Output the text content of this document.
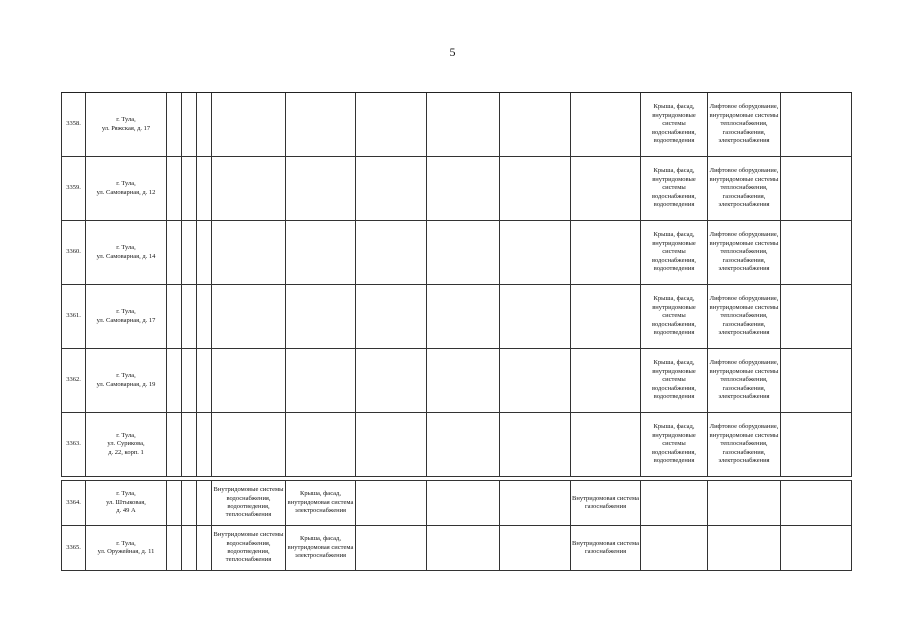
5
3358.	г. Тула,
ул. Ряжская, д. 17										Крыша, фасад, внутридомовые системы водоснабжения, водоотведения	Лифтовое оборудование, внутридомовые системы теплоснабжения, газоснабжения, электроснабжения	
3359.	г. Тула,
ул. Самоварная, д. 12										Крыша, фасад, внутридомовые системы водоснабжения, водоотведения	Лифтовое оборудование, внутридомовые системы теплоснабжения, газоснабжения, электроснабжения	
3360.	г. Тула,
ул. Самоварная, д. 14										Крыша, фасад, внутридомовые системы водоснабжения, водоотведения	Лифтовое оборудование, внутридомовые системы теплоснабжения, газоснабжения, электроснабжения	
3361.	г. Тула,
ул. Самоварная, д. 17										Крыша, фасад, внутридомовые системы водоснабжения, водоотведения	Лифтовое оборудование, внутридомовые системы теплоснабжения, газоснабжения, электроснабжения	
3362.	г. Тула,
ул. Самоварная, д. 19										Крыша, фасад, внутридомовые системы водоснабжения, водоотведения	Лифтовое оборудование, внутридомовые системы теплоснабжения, газоснабжения, электроснабжения	
3363.	г. Тула,
ул. Сурикова,
д. 22, корп. 1										Крыша, фасад, внутридомовые системы водоснабжения, водоотведения	Лифтовое оборудование, внутридомовые системы теплоснабжения, газоснабжения, электроснабжения	

3364.	г. Тула,
ул. Штыковая,
д. 49 А				Внутридомовые системы водоснабжения, водоотведения, теплоснабжения	Крыша, фасад, внутридомовая система электроснабжения				Внутридомовая система газоснабжения			
3365.	г. Тула,
ул. Оружейная, д. 11				Внутридомовые системы водоснабжения, водоотведения, теплоснабжения	Крыша, фасад, внутридомовая система электроснабжения				Внутридомовая система газоснабжения			
